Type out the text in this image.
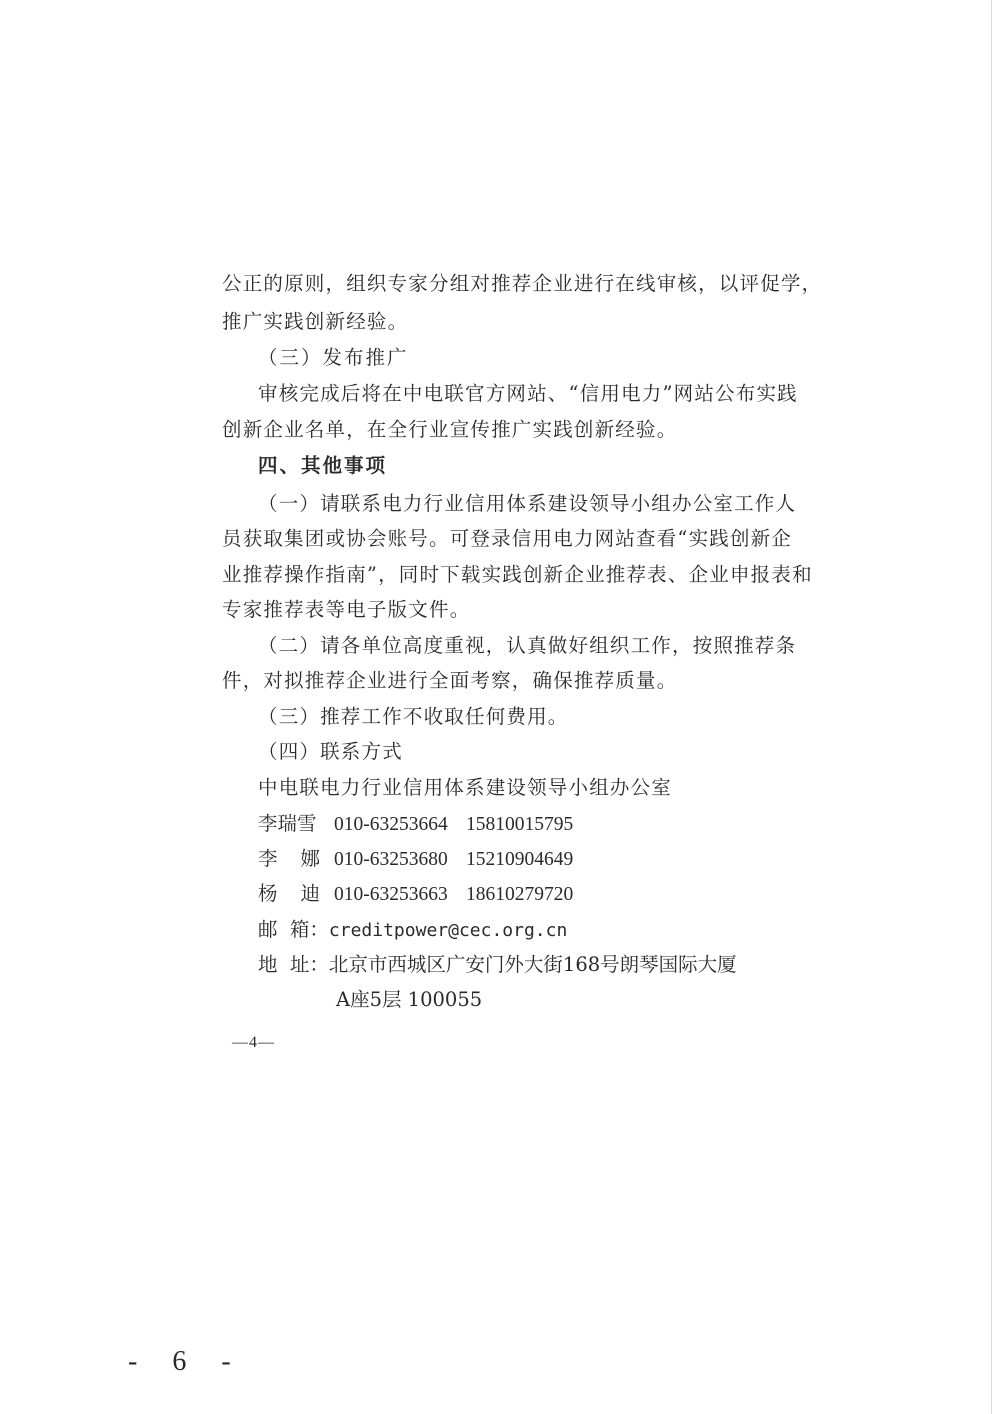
公正的原则，组织专家分组对推荐企业进行在线审核，以评促学，
推广实践创新经验。
（三）发布推广
审核完成后将在中电联官方网站、“信用电力”网站公布实践
创新企业名单，在全行业宣传推广实践创新经验。
四、其他事项
（一）请联系电力行业信用体系建设领导小组办公室工作人
员获取集团或协会账号。可登录信用电力网站查看“实践创新企
业推荐操作指南”，同时下载实践创新企业推荐表、企业申报表和
专家推荐表等电子版文件。
（二）请各单位高度重视，认真做好组织工作，按照推荐条
件，对拟推荐企业进行全面考察，确保推荐质量。
（三）推荐工作不收取任何费用。
（四）联系方式
中电联电力行业信用体系建设领导小组办公室
李瑞雪 010-63253664 15810015795
李娜010-63253680 15210904649
杨迪010-63253663 18610279720
邮  箱：creditpower@cec.org.cn
地  址：北京市西城区广安门外大街168号朗琴国际大厦
A座5层 100055
—4—
- 6 -
